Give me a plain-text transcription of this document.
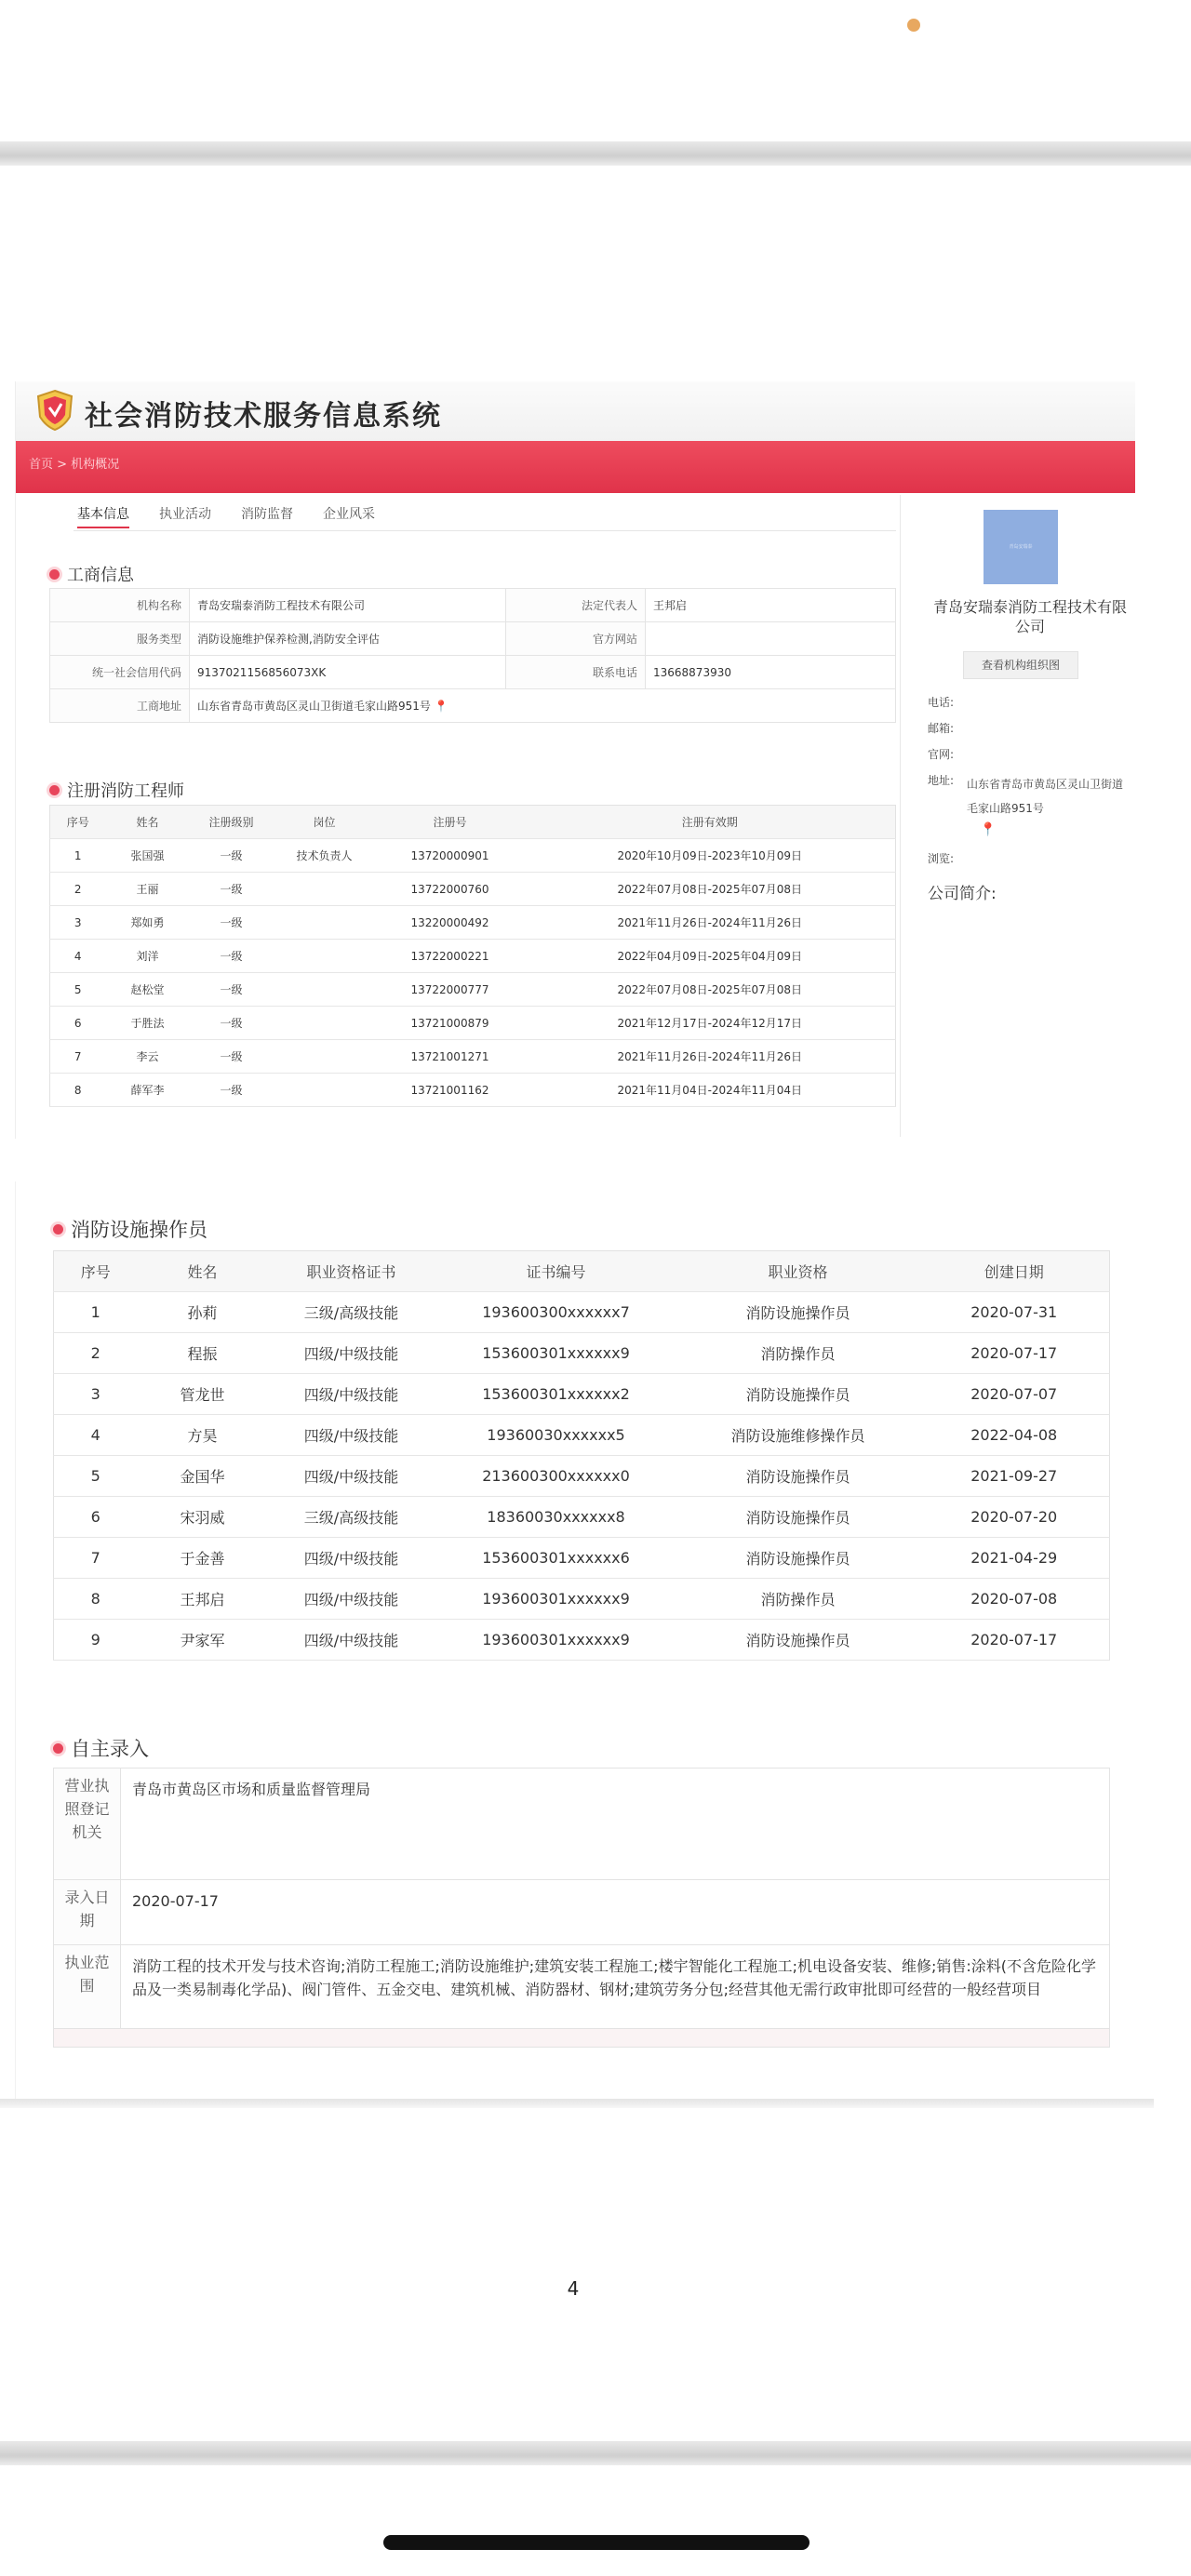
社会消防技术服务信息系统
首页 > 机构概况
基本信息 执业活动 消防监督 企业风采
工商信息
机构名称	青岛安瑞泰消防工程技术有限公司	法定代表人	王邦启
服务类型	消防设施维护保养检测,消防安全评估	官方网站	
统一社会信用代码	91370211568560​73XK	联系电话	13668873930
工商地址	山东省青岛市黄岛区灵山卫街道毛家山路951号 📍		
注册消防工程师
序号	姓名	注册级别	岗位	注册号	注册有效期
1	张国强	一级	技术负责人	13720000901	2020年10月09日-2023年10月09日
2	王丽	一级		13722000760	2022年07月08日-2025年07月08日
3	郑如勇	一级		13220000492	2021年11月26日-2024年11月26日
4	刘洋	一级		13722000221	2022年04月09日-2025年04月09日
5	赵松堂	一级		13722000777	2022年07月08日-2025年07月08日
6	于胜法	一级		13721000879	2021年12月17日-2024年12月17日
7	李云	一级		13721001271	2021年11月26日-2024年11月26日
8	薛军李	一级		13721001162	2021年11月04日-2024年11月04日
青岛安瑞泰
青岛安瑞泰消防工程技术有限公司
查看机构组织图
电话:
邮箱:
官网:
地址: 山东省青岛市黄岛区灵山卫街道毛家山路951号
📍
浏览:
公司简介:
消防设施操作员
序号	姓名	职业资格证书	证书编号	职业资格	创建日期
1	孙莉	三级/高级技能	193600300xxxxxx7	消防设施操作员	2020-07-31
2	程振	四级/中级技能	153600301xxxxxx9	消防操作员	2020-07-17
3	管龙世	四级/中级技能	153600301xxxxxx2	消防设施操作员	2020-07-07
4	方昊	四级/中级技能	19360030xxxxxx5	消防设施维修操作员	2022-04-08
5	金国华	四级/中级技能	213600300xxxxxx0	消防设施操作员	2021-09-27
6	宋羽威	三级/高级技能	18360030xxxxxx8	消防设施操作员	2020-07-20
7	于金善	四级/中级技能	153600301xxxxxx6	消防设施操作员	2021-04-29
8	王邦启	四级/中级技能	193600301xxxxxx9	消防操作员	2020-07-08
9	尹家军	四级/中级技能	193600301xxxxxx9	消防设施操作员	2020-07-17
自主录入
营业执照登记机关	青岛市黄岛区市场和质量监督管理局
录入日期	2020-07-17
执业范围	消防工程的技术开发与技术咨询;消防工程施工;消防设施维护;建筑安装工程施工;楼宇智能化工程施工;机电设备安装、维修;销售:涂料(不含危险化学品及一类易制毒化学品)、阀门管件、五金交电、建筑机械、消防器材、钢材;建筑劳务分包;经营其他无需行政审批即可经营的一般经营项目

4
